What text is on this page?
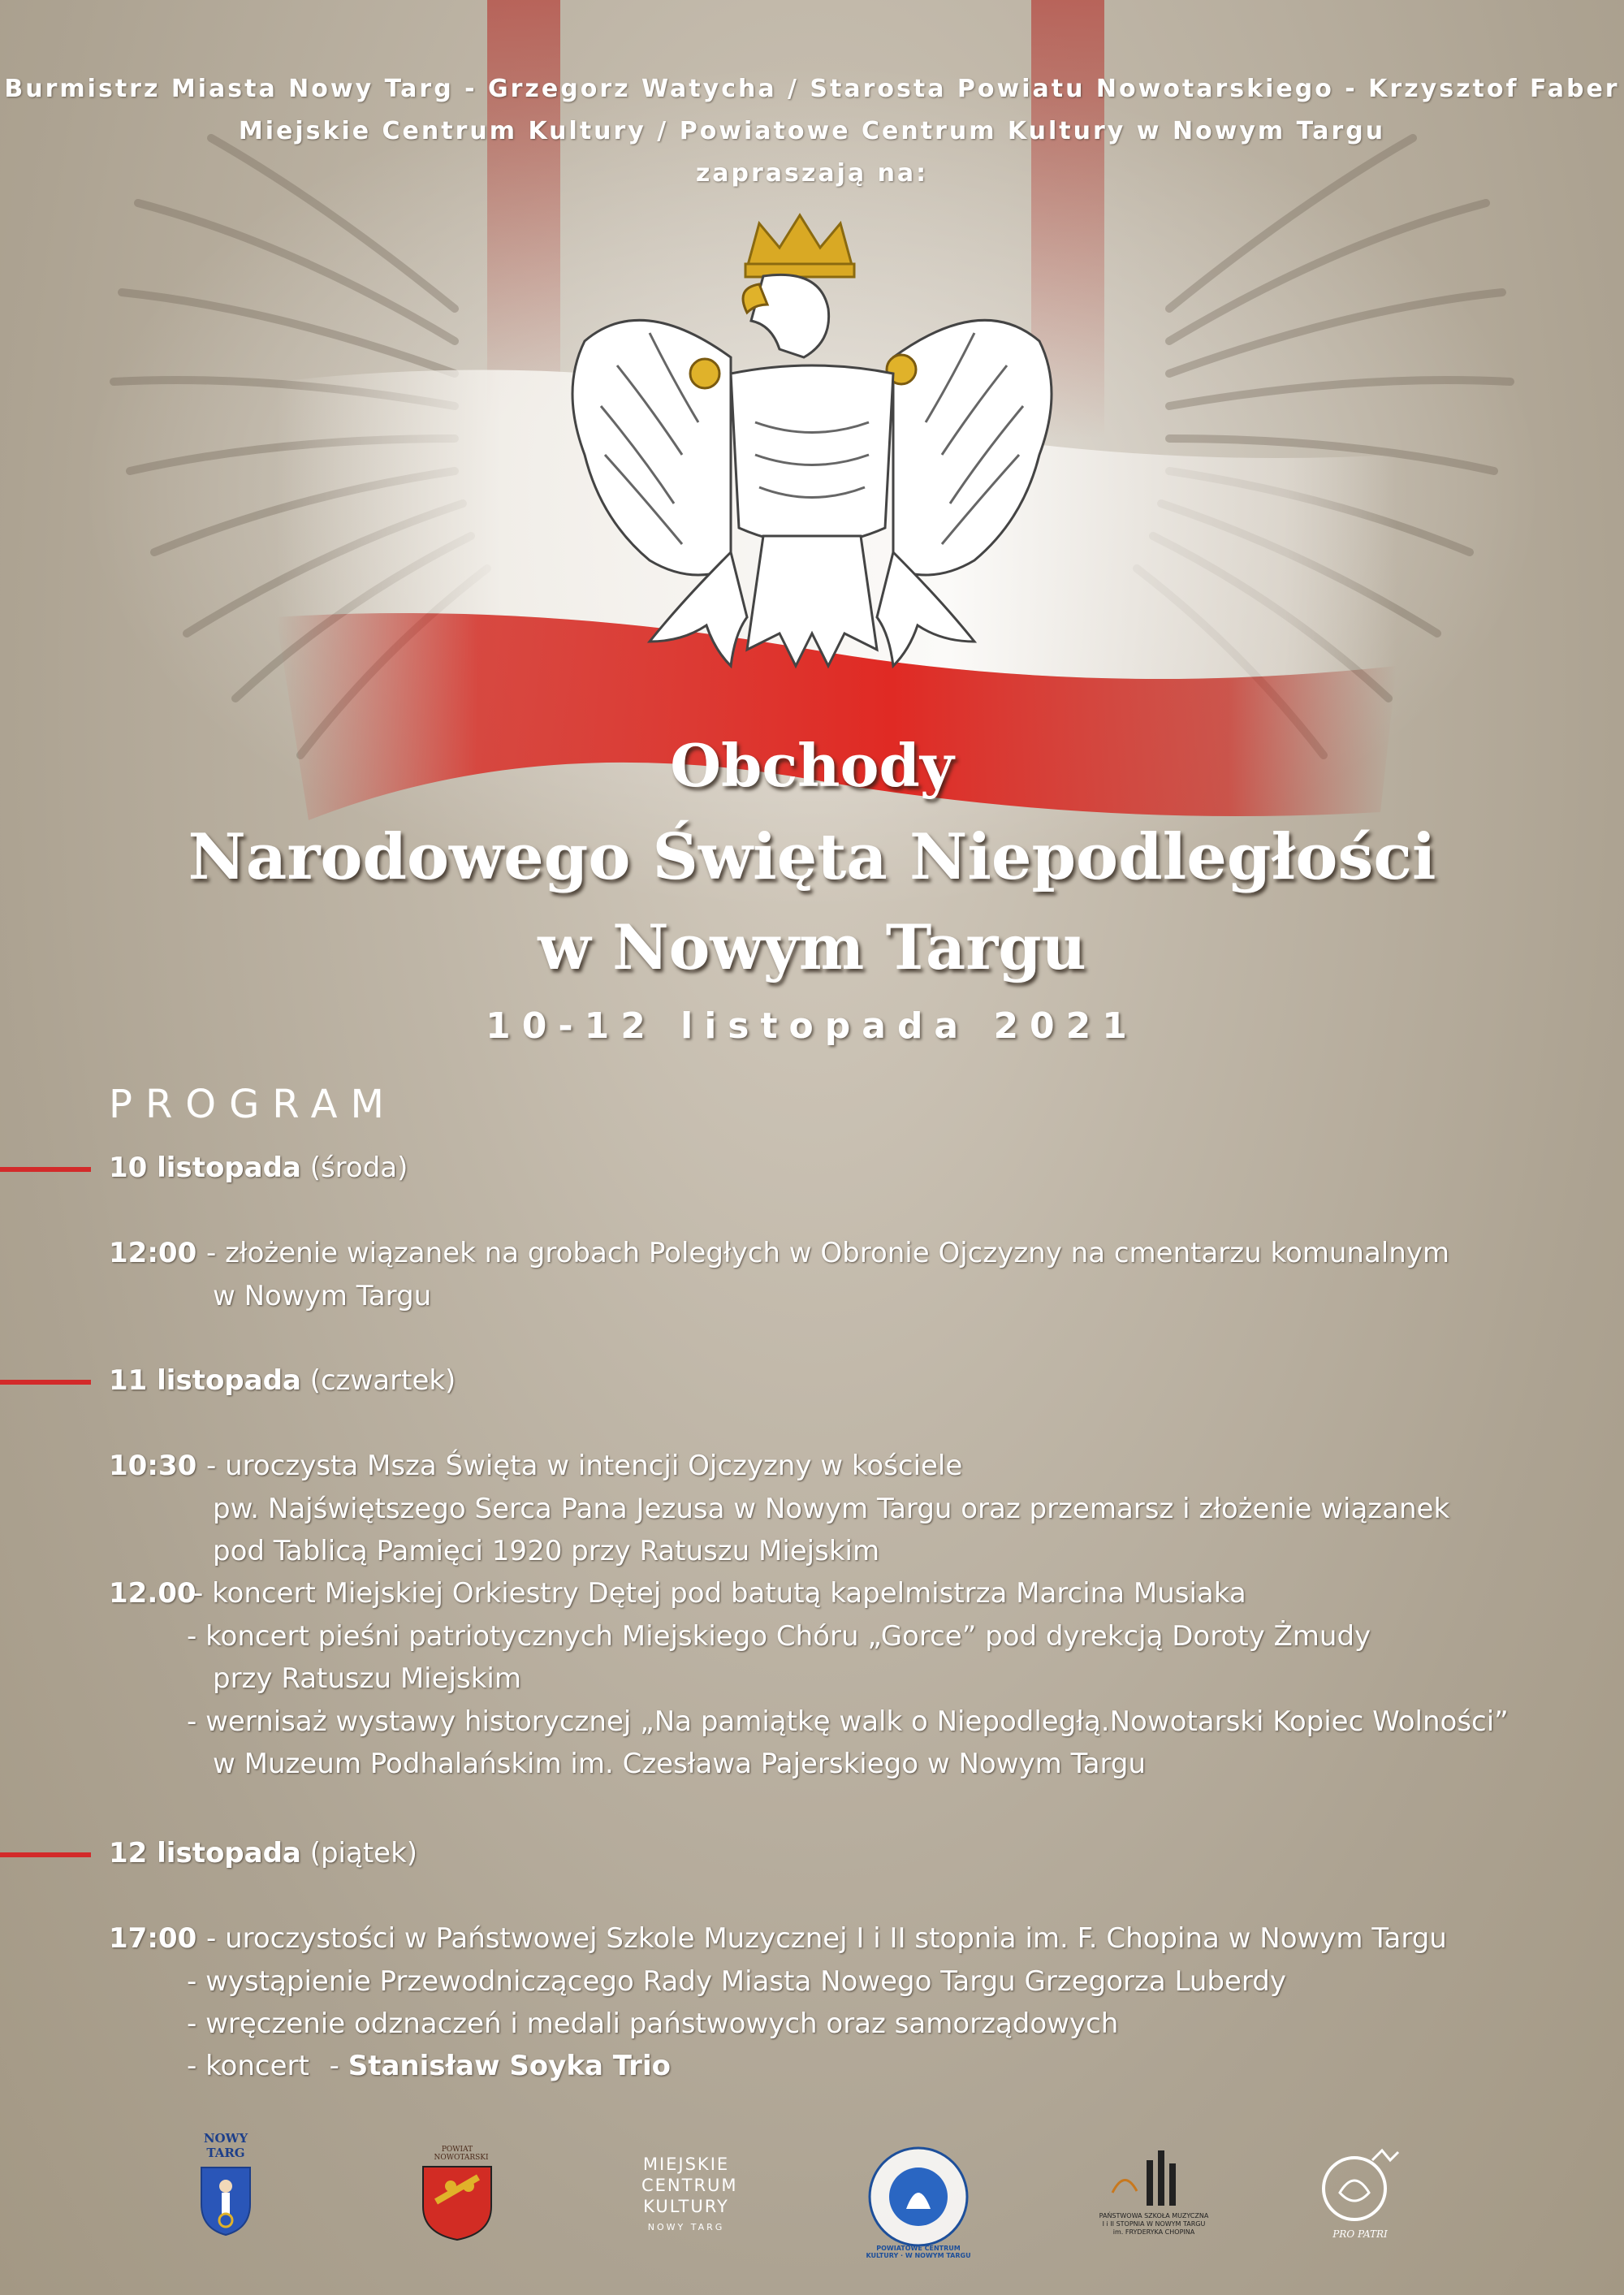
Burmistrz Miasta Nowy Targ - Grzegorz Watycha / Starosta Powiatu Nowotarskiego - Krzysztof Faber
Miejskie Centrum Kultury / Powiatowe Centrum Kultury w Nowym Targu
zapraszają na:
Obchody
Narodowego Święta Niepodległości
w Nowym Targu
10-12 listopada 2021
PROGRAM
10 listopada (środa)
12:00 - złożenie wiązanek na grobach Poległych w Obronie Ojczyzny na cmentarzu komunalnym
w Nowym Targu
11 listopada (czwartek)
10:30 - uroczysta Msza Święta w intencji Ojczyzny w kościele
pw. Najświętszego Serca Pana Jezusa w Nowym Targu oraz przemarsz i złożenie wiązanek
pod Tablicą Pamięci 1920 przy Ratuszu Miejskim
12.00
- koncert Miejskiej Orkiestry Dętej pod batutą kapelmistrza Marcina Musiaka
- koncert pieśni patriotycznych Miejskiego Chóru „Gorce” pod dyrekcją Doroty Żmudy
przy Ratuszu Miejskim
- wernisaż wystawy historycznej „Na pamiątkę walk o Niepodległą.Nowotarski Kopiec Wolności”
w Muzeum Podhalańskim im. Czesława Pajerskiego w Nowym Targu
12 listopada (piątek)
17:00 - uroczystości w Państwowej Szkole Muzycznej I i II stopnia im. F. Chopina w Nowym Targu
- wystąpienie Przewodniczącego Rady Miasta Nowego Targu Grzegorza Luberdy
- wręczenie odznaczeń i medali państwowych oraz samorządowych
- koncert - Stanisław Soyka Trio
NOWY TARG	POWIAT NOWOTARSKI	MIEJSKIE
CENTRUM
KULTURY
NOWY TARG
POWIATOWE CENTRUM KULTURY · W NOWYM TARGU
PAŃSTWOWA SZKOŁA MUZYCZNA
I i II STOPNIA W NOWYM TARGU
im. FRYDERYKA CHOPINA	PRO PATRI
